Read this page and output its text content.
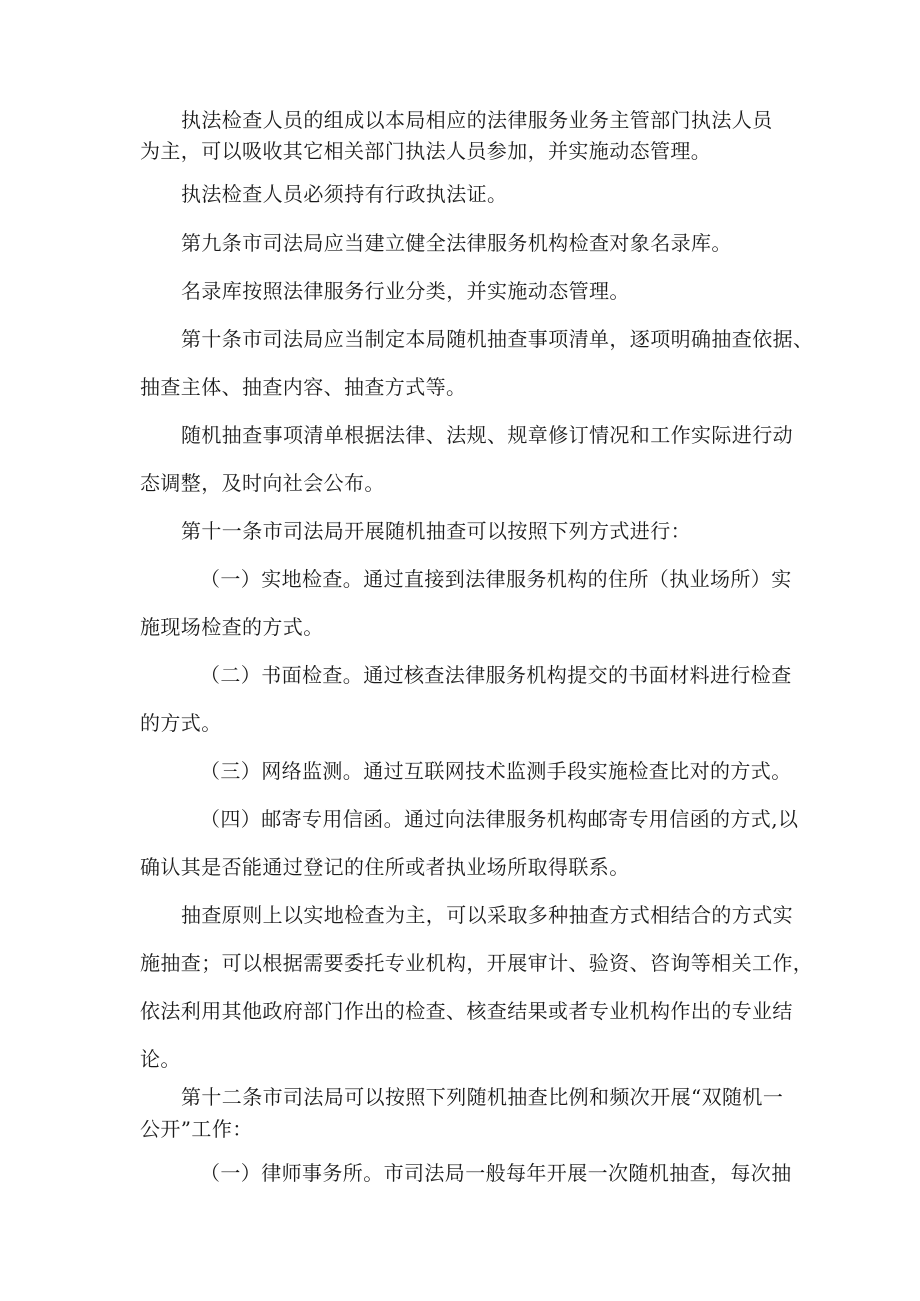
执法检查人员的组成以本局相应的法律服务业务主管部门执法人员

为主，可以吸收其它相关部门执法人员参加，并实施动态管理。

执法检查人员必须持有行政执法证。

第九条市司法局应当建立健全法律服务机构检查对象名录库。

名录库按照法律服务行业分类，并实施动态管理。

第十条市司法局应当制定本局随机抽查事项清单，逐项明确抽查依据、

抽查主体、抽查内容、抽查方式等。

随机抽查事项清单根据法律、法规、规章修订情况和工作实际进行动

态调整，及时向社会公布。

第十一条市司法局开展随机抽查可以按照下列方式进行：

（一）实地检查。通过直接到法律服务机构的住所（执业场所）实

施现场检查的方式。

（二）书面检查。通过核查法律服务机构提交的书面材料进行检查

的方式。

（三）网络监测。通过互联网技术监测手段实施检查比对的方式。

（四）邮寄专用信函。通过向法律服务机构邮寄专用信函的方式,以

确认其是否能通过登记的住所或者执业场所取得联系。

抽查原则上以实地检查为主，可以采取多种抽查方式相结合的方式实

施抽查；可以根据需要委托专业机构，开展审计、验资、咨询等相关工作，

依法利用其他政府部门作出的检查、核查结果或者专业机构作出的专业结

论。

第十二条市司法局可以按照下列随机抽查比例和频次开展“双随机一

公开”工作：

（一）律师事务所。市司法局一般每年开展一次随机抽查，每次抽
